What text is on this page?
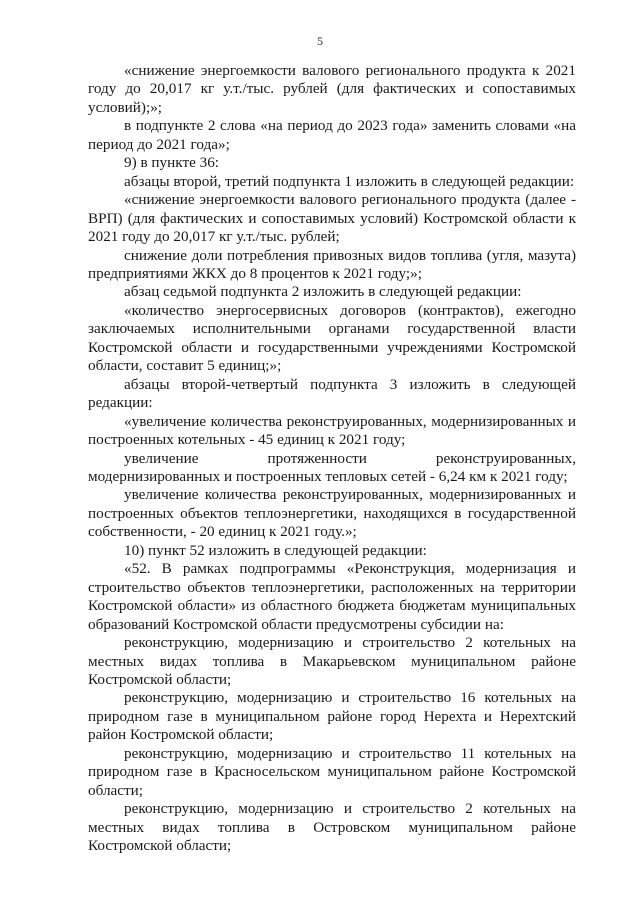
5

«снижение энергоемкости валового регионального продукта к 2021 году до 20,017 кг у.т./тыс. рублей (для фактических и сопоставимых условий);»;

в подпункте 2 слова «на период до 2023 года» заменить словами «на период до 2021 года»;

9) в пункте 36:

абзацы второй, третий подпункта 1 изложить в следующей редакции:

«снижение энергоемкости валового регионального продукта (далее - ВРП) (для фактических и сопоставимых условий) Костромской области к 2021 году до 20,017 кг у.т./тыс. рублей;

снижение доли потребления привозных видов топлива (угля, мазута) предприятиями ЖКХ до 8 процентов к 2021 году;»;

абзац седьмой подпункта 2 изложить в следующей редакции:

«количество энергосервисных договоров (контрактов), ежегодно заключаемых исполнительными органами государственной власти Костромской области и государственными учреждениями Костромской области, составит 5 единиц;»;

абзацы второй-четвертый подпункта 3 изложить в следующей редакции:

«увеличение количества реконструированных, модернизированных и построенных котельных - 45 единиц к 2021 году;

увеличение протяженности реконструированных, модернизированных и построенных тепловых сетей - 6,24 км к 2021 году;

увеличение количества реконструированных, модернизированных и построенных объектов теплоэнергетики, находящихся в государственной собственности, - 20 единиц к 2021 году.»;

10) пункт 52 изложить в следующей редакции:

«52. В рамках подпрограммы «Реконструкция, модернизация и строительство объектов теплоэнергетики, расположенных на территории Костромской области» из областного бюджета бюджетам муниципальных образований Костромской области предусмотрены субсидии на:

реконструкцию, модернизацию и строительство 2 котельных на местных видах топлива в Макарьевском муниципальном районе Костромской области;

реконструкцию, модернизацию и строительство 16 котельных на природном газе в муниципальном районе город Нерехта и Нерехтский район Костромской области;

реконструкцию, модернизацию и строительство 11 котельных на природном газе в Красносельском муниципальном районе Костромской области;

реконструкцию, модернизацию и строительство 2 котельных на местных видах топлива в Островском муниципальном районе Костромской области;
